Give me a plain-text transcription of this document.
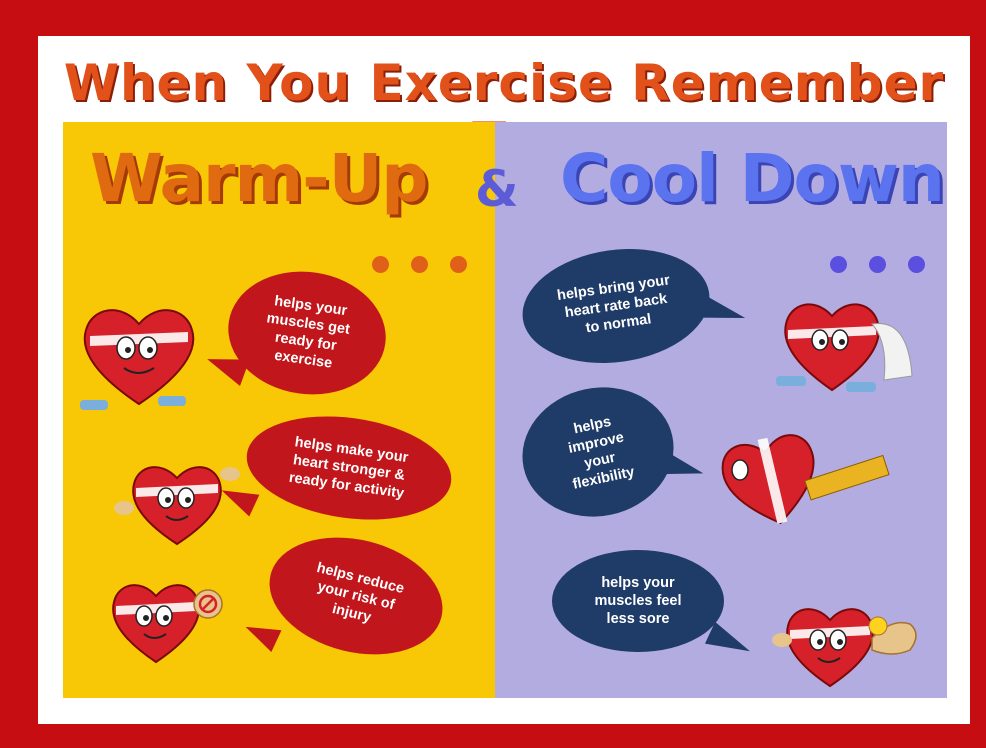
When You Exercise Remember
Warm-Up & Cool Down
helps your
muscles get
ready for
exercise
helps make your
heart stronger &
ready for activity
helps reduce
your risk of
injury
helps bring your
heart rate back
to normal
helps
improve
your
flexibility
helps your
muscles feel
less sore
